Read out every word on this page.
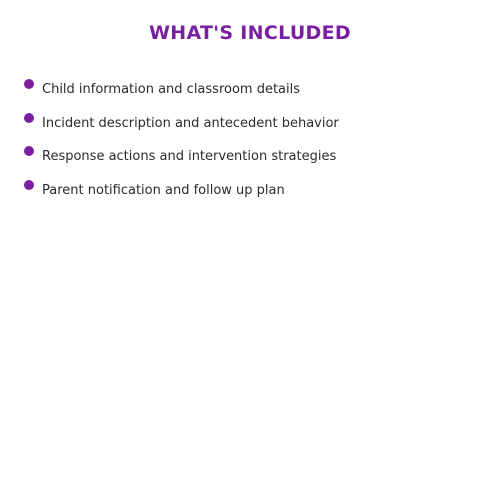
WHAT'S INCLUDED
Child information and classroom details
Incident description and antecedent behavior
Response actions and intervention strategies
Parent notification and follow up plan
